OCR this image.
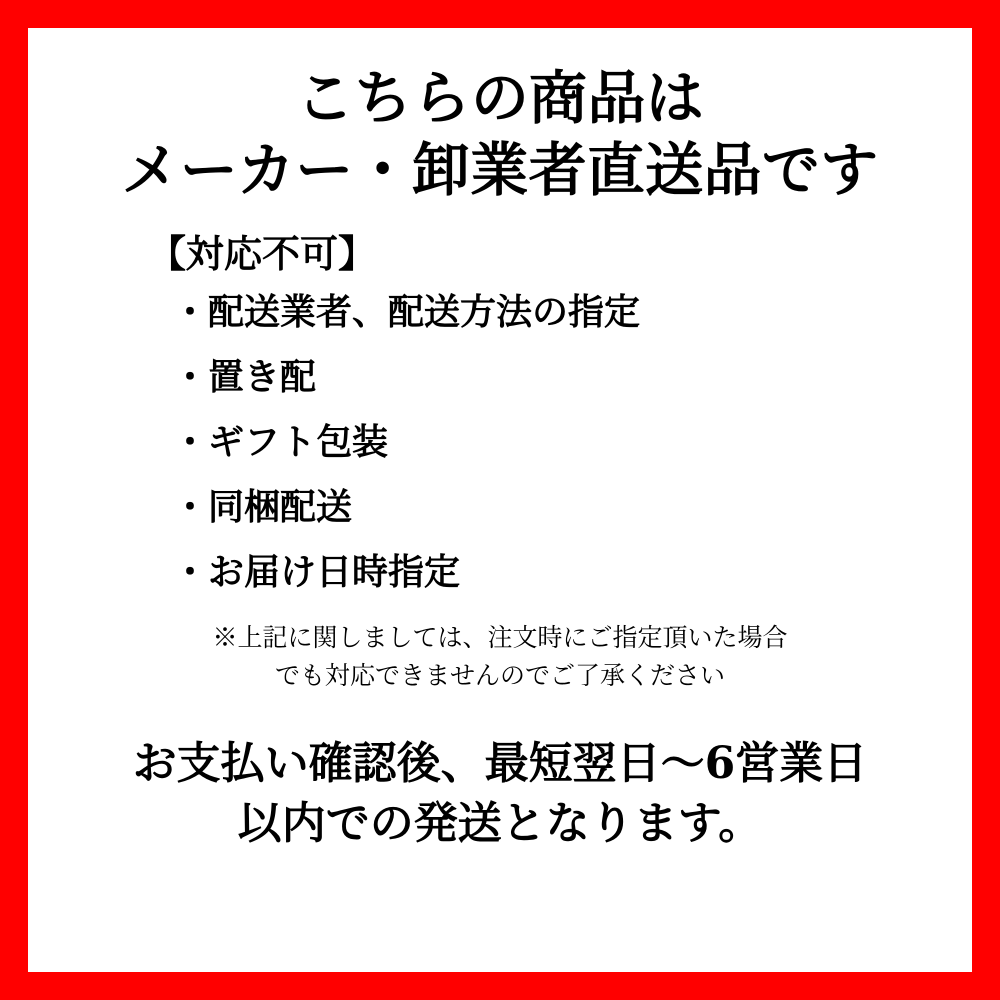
こちらの商品は
メーカー・卸業者直送品です
【対応不可】
・配送業者、配送方法の指定
・置き配
・ギフト包装
・同梱配送
・お届け日時指定
※上記に関しましては、注文時にご指定頂いた場合
でも対応できませんのでご了承ください
お支払い確認後、最短翌日〜6営業日
以内での発送となります。
